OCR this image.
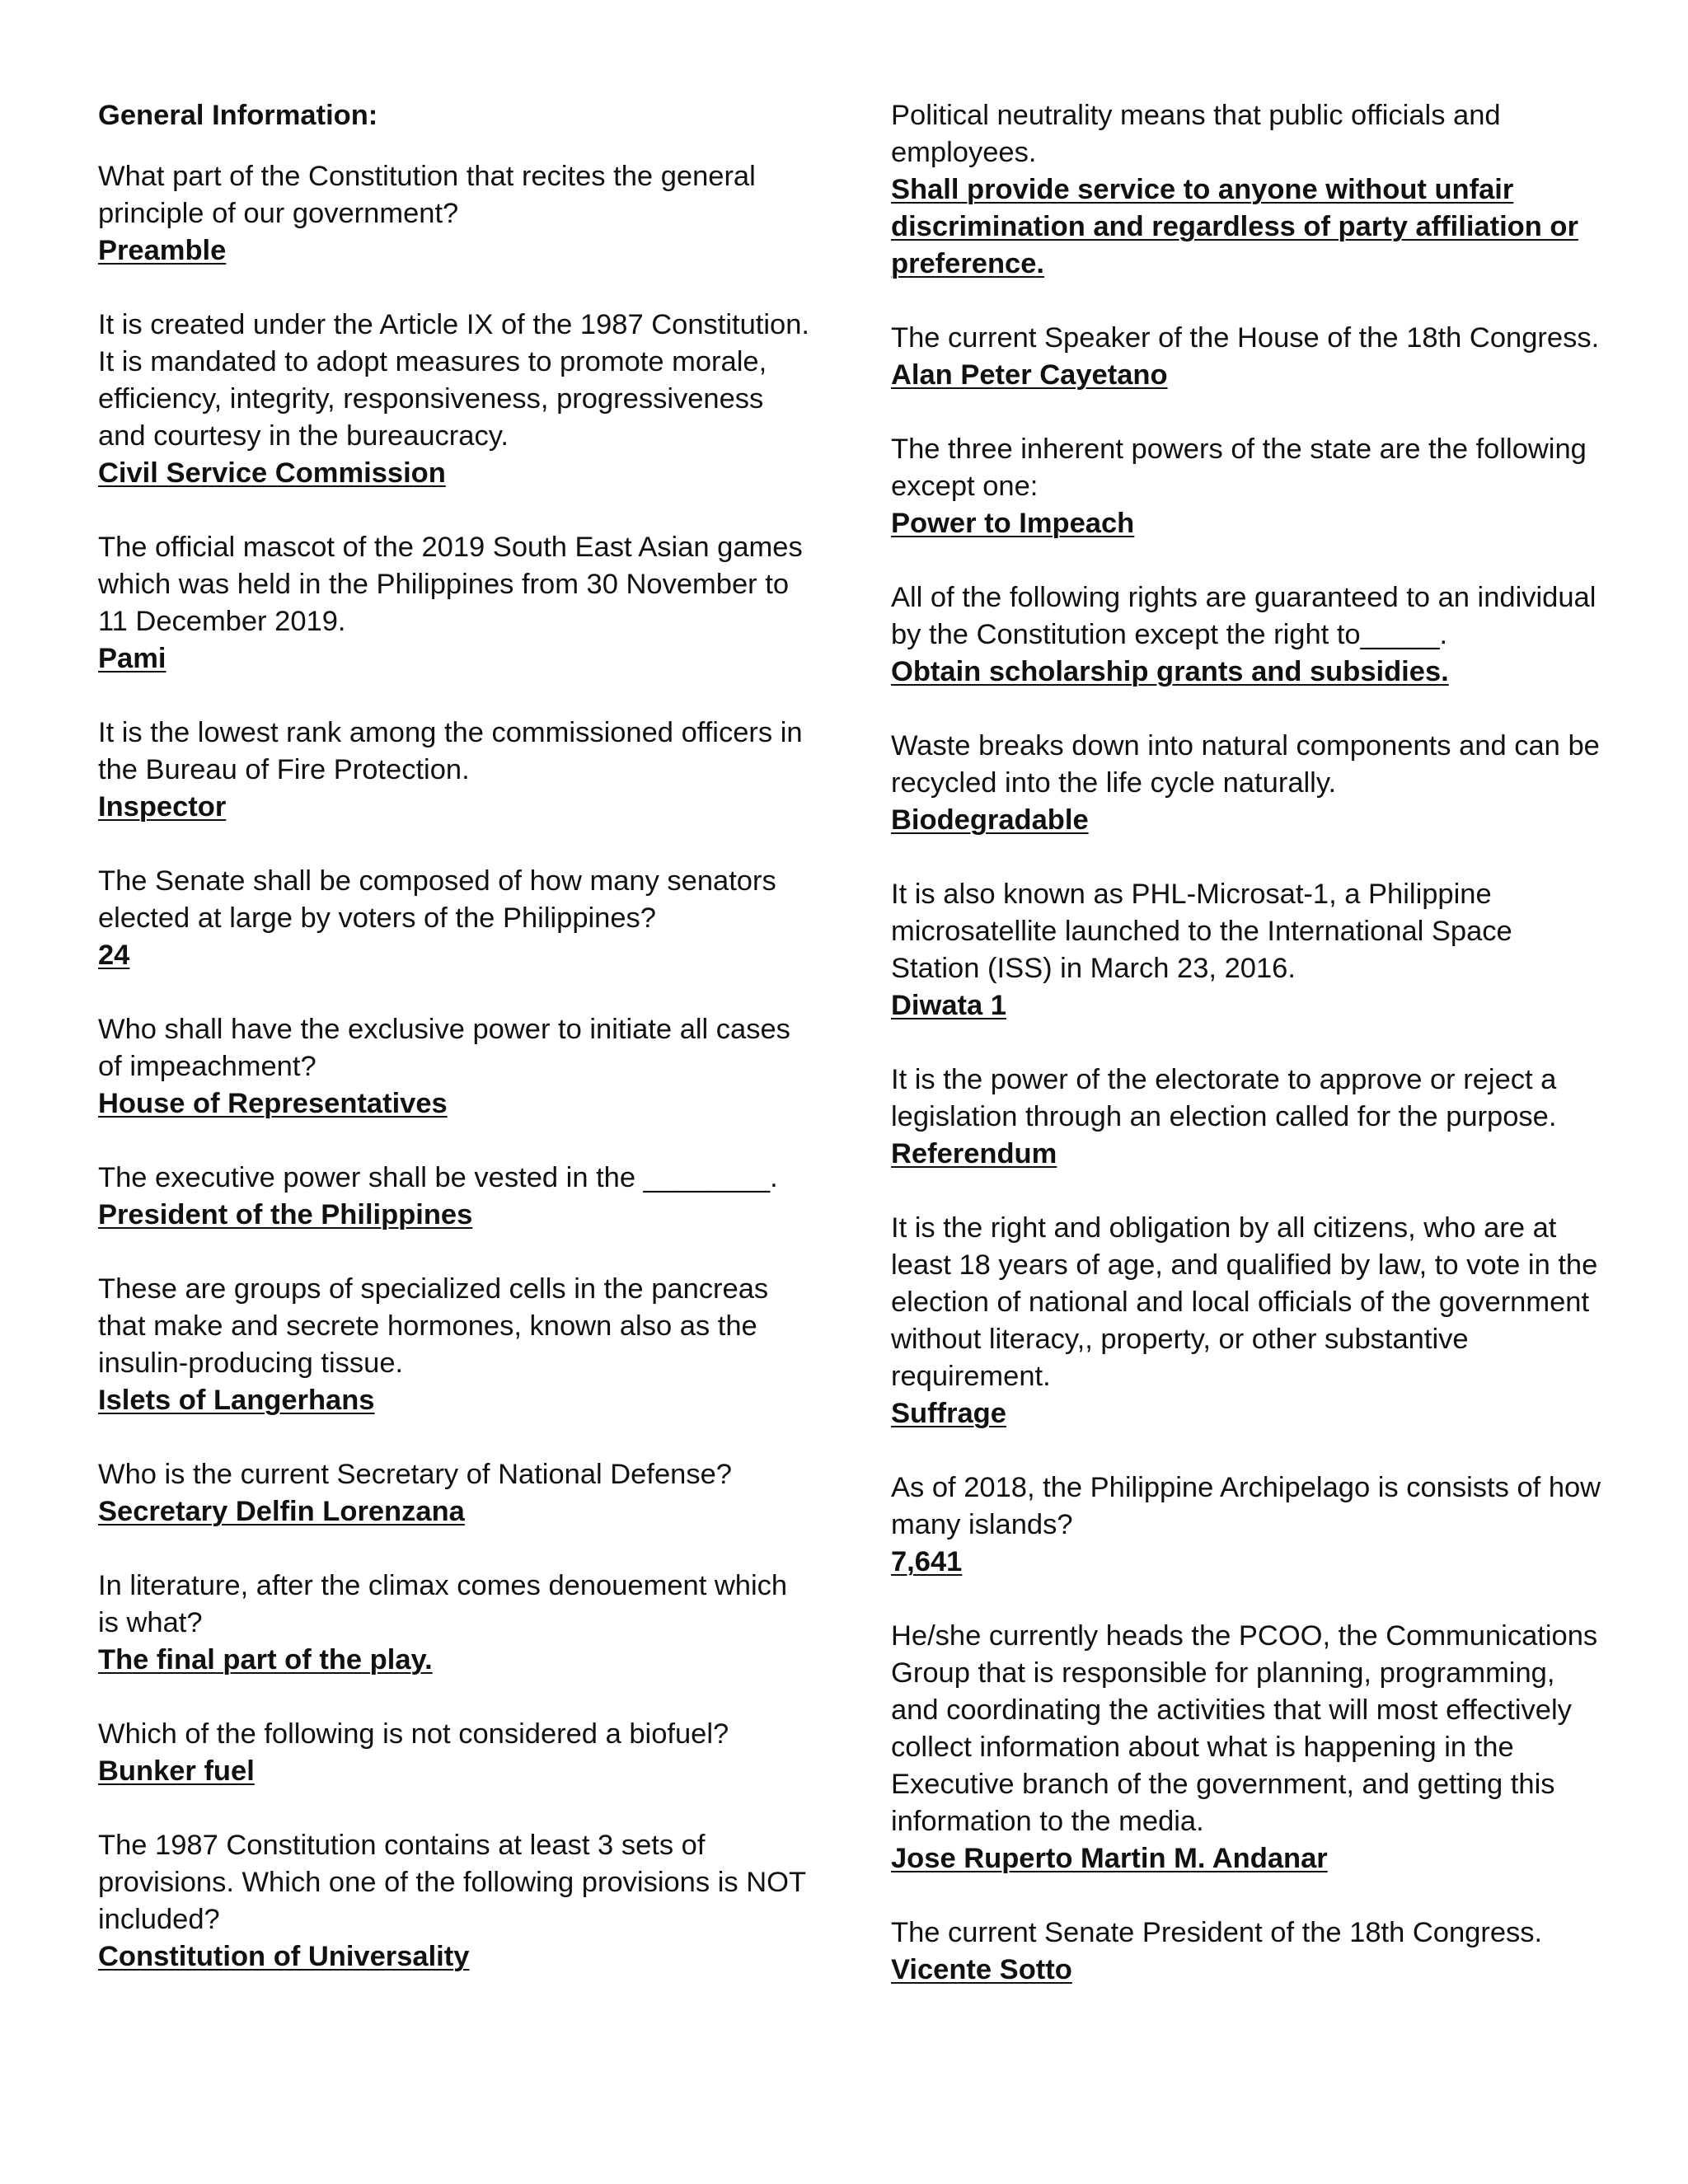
General Information:

What part of the Constitution that recites the general principle of our government?

Preamble

It is created under the Article IX of the 1987 Constitution. It is mandated to adopt measures to promote morale, efficiency, integrity, responsiveness, progressiveness and courtesy in the bureaucracy.

Civil Service Commission

The official mascot of the 2019 South East Asian games which was held in the Philippines from 30 November to 11 December 2019.

Pami

It is the lowest rank among the commissioned officers in the Bureau of Fire Protection.

Inspector

The Senate shall be composed of how many senators elected at large by voters of the Philippines?

24

Who shall have the exclusive power to initiate all cases of impeachment?

House of Representatives

The executive power shall be vested in the ________.

President of the Philippines

These are groups of specialized cells in the pancreas that make and secrete hormones, known also as the insulin-producing tissue.

Islets of Langerhans

Who is the current Secretary of National Defense?

Secretary Delfin Lorenzana

In literature, after the climax comes denouement which is what?

The final part of the play.

Which of the following is not considered a biofuel?

Bunker fuel

The 1987 Constitution contains at least 3 sets of provisions. Which one of the following provisions is NOT included?

Constitution of Universality

Political neutrality means that public officials and employees.

Shall provide service to anyone without unfair discrimination and regardless of party affiliation or preference.

The current Speaker of the House of the 18th Congress.

Alan Peter Cayetano

The three inherent powers of the state are the following except one:

Power to Impeach

All of the following rights are guaranteed to an individual by the Constitution except the right to_____.

Obtain scholarship grants and subsidies.

Waste breaks down into natural components and can be recycled into the life cycle naturally.

Biodegradable

It is also known as PHL-Microsat-1, a Philippine microsatellite launched to the International Space Station (ISS) in March 23, 2016.

Diwata 1

It is the power of the electorate to approve or reject a legislation through an election called for the purpose.

Referendum

It is the right and obligation by all citizens, who are at least 18 years of age, and qualified by law, to vote in the election of national and local officials of the government without literacy,, property, or other substantive requirement.

Suffrage

As of 2018, the Philippine Archipelago is consists of how many islands?

7,641

He/she currently heads the PCOO, the Communications Group that is responsible for planning, programming, and coordinating the activities that will most effectively collect information about what is happening in the Executive branch of the government, and getting this information to the media.

Jose Ruperto Martin M. Andanar

The current Senate President of the 18th Congress.

Vicente Sotto
